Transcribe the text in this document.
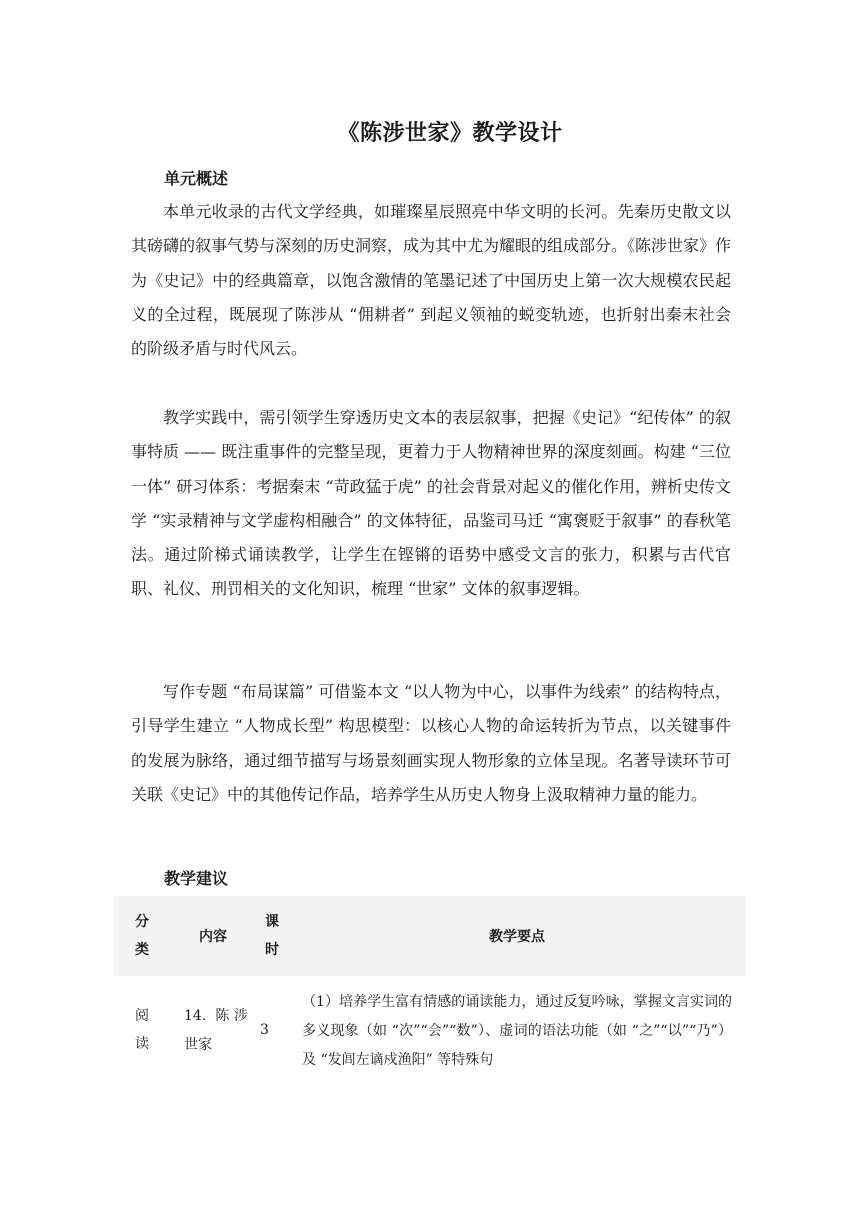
《陈涉世家》教学设计
单元概述

本单元收录的古代文学经典，如璀璨星辰照亮中华文明的长河。先秦历史散文以其磅礴的叙事气势与深刻的历史洞察，成为其中尤为耀眼的组成部分。《陈涉世家》作为《史记》中的经典篇章，以饱含激情的笔墨记述了中国历史上第一次大规模农民起义的全过程，既展现了陈涉从 “佣耕者” 到起义领袖的蜕变轨迹，也折射出秦末社会的阶级矛盾与时代风云。

教学实践中，需引领学生穿透历史文本的表层叙事，把握《史记》“纪传体” 的叙事特质 —— 既注重事件的完整呈现，更着力于人物精神世界的深度刻画。构建 “三位一体” 研习体系：考据秦末 “苛政猛于虎” 的社会背景对起义的催化作用，辨析史传文学 “实录精神与文学虚构相融合” 的文体特征，品鉴司马迁 “寓褒贬于叙事” 的春秋笔法。通过阶梯式诵读教学，让学生在铿锵的语势中感受文言的张力，积累与古代官职、礼仪、刑罚相关的文化知识，梳理 “世家” 文体的叙事逻辑。

写作专题 “布局谋篇” 可借鉴本文 “以人物为中心，以事件为线索” 的结构特点，引导学生建立 “人物成长型” 构思模型：以核心人物的命运转折为节点，以关键事件的发展为脉络，通过细节描写与场景刻画实现人物形象的立体呈现。名著导读环节可关联《史记》中的其他传记作品，培养学生从历史人物身上汲取精神力量的能力。

教学建议
分类	内容	课时	教学要点

阅读	14. 陈涉世家	3	（1）培养学生富有情感的诵读能力，通过反复吟咏，掌握文言实词的多义现象（如 “次”“会”“数”）、虚词的语法功能（如 “之”“以”“乃”）及 “发闾左谪戍渔阳” 等特殊句
